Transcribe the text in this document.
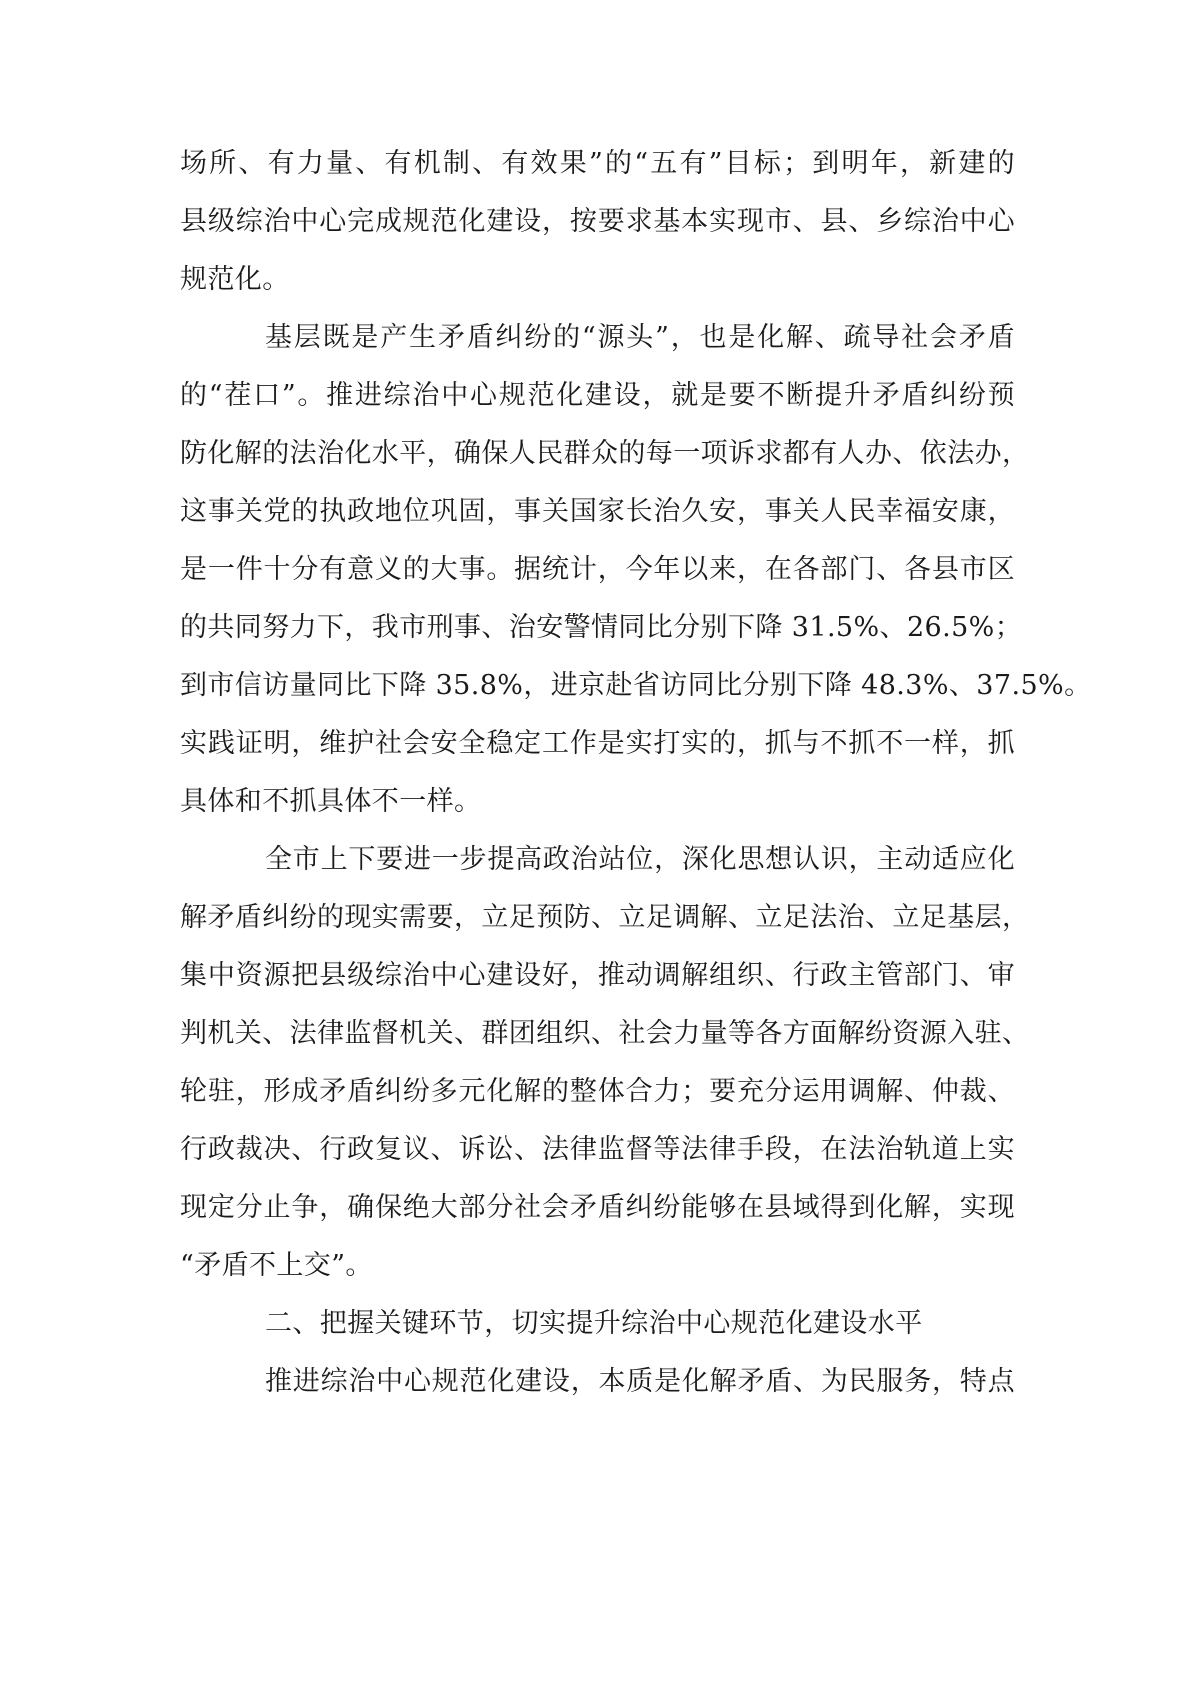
场所、有力量、有机制、有效果”的“五有”目标；到明年，新建的
县级综治中心完成规范化建设，按要求基本实现市、县、乡综治中心
规范化。
基层既是产生矛盾纠纷的“源头”，也是化解、疏导社会矛盾
的“茬口”。推进综治中心规范化建设，就是要不断提升矛盾纠纷预
防化解的法治化水平，确保人民群众的每一项诉求都有人办、依法办，
这事关党的执政地位巩固，事关国家长治久安，事关人民幸福安康，
是一件十分有意义的大事。据统计，今年以来，在各部门、各县市区
的共同努力下，我市刑事、治安警情同比分别下降 31.5%、26.5%；
到市信访量同比下降 35.8%，进京赴省访同比分别下降 48.3%、37.5%。
实践证明，维护社会安全稳定工作是实打实的，抓与不抓不一样，抓
具体和不抓具体不一样。
全市上下要进一步提高政治站位，深化思想认识，主动适应化
解矛盾纠纷的现实需要，立足预防、立足调解、立足法治、立足基层，
集中资源把县级综治中心建设好，推动调解组织、行政主管部门、审
判机关、法律监督机关、群团组织、社会力量等各方面解纷资源入驻、
轮驻，形成矛盾纠纷多元化解的整体合力；要充分运用调解、仲裁、
行政裁决、行政复议、诉讼、法律监督等法律手段，在法治轨道上实
现定分止争，确保绝大部分社会矛盾纠纷能够在县域得到化解，实现
“矛盾不上交”。
二、把握关键环节，切实提升综治中心规范化建设水平
推进综治中心规范化建设，本质是化解矛盾、为民服务，特点
